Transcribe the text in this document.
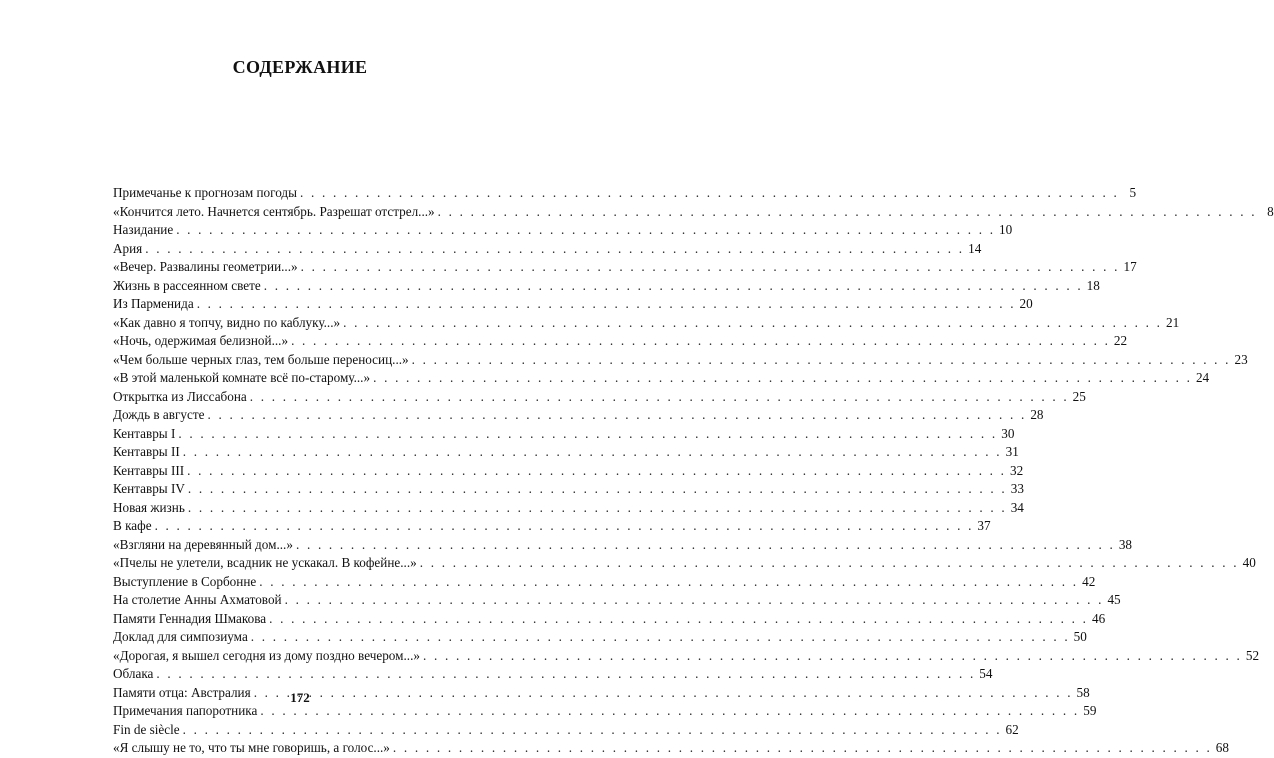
СОДЕРЖАНИЕ
Примечанье к прогнозам погоды . . .	5
«Кончится лето. Начнется сентябрь. Разрешат отстрел...» . . .	8
Назидание . . .	10
Ария . . .	14
«Вечер. Развалины геометрии...» . . .	17
Жизнь в рассеянном свете . . .	18
Из Парменида . . .	20
«Как давно я топчу, видно по каблуку...» . . .	21
«Ночь, одержимая белизной...» . . .	22
«Чем больше черных глаз, тем больше переносиц...» . . .	23
«В этой маленькой комнате всё по-старому...» . . .	24
Открытка из Лиссабона . . .	25
Дождь в августе . . .	28
Кентавры I . . .	30
Кентавры II . . .	31
Кентавры III . . .	32
Кентавры IV . . .	33
Новая жизнь . . .	34
В кафе . . .	37
«Взгляни на деревянный дом...» . . .	38
«Пчелы не улетели, всадник не ускакал. В кофейне...» . . .	40
Выступление в Сорбонне . . .	42
На столетие Анны Ахматовой . . .	45
Памяти Геннадия Шмакова . . .	46
Доклад для симпозиума . . .	50
«Дорогая, я вышел сегодня из дому поздно вечером...» . . .	52
Облака . . .	54
Памяти отца: Австралия . . .	58
Примечания папоротника . . .	59
Fin de siècle . . .	62
«Я слышу не то, что ты мне говоришь, а голос...» . . .	68
172
